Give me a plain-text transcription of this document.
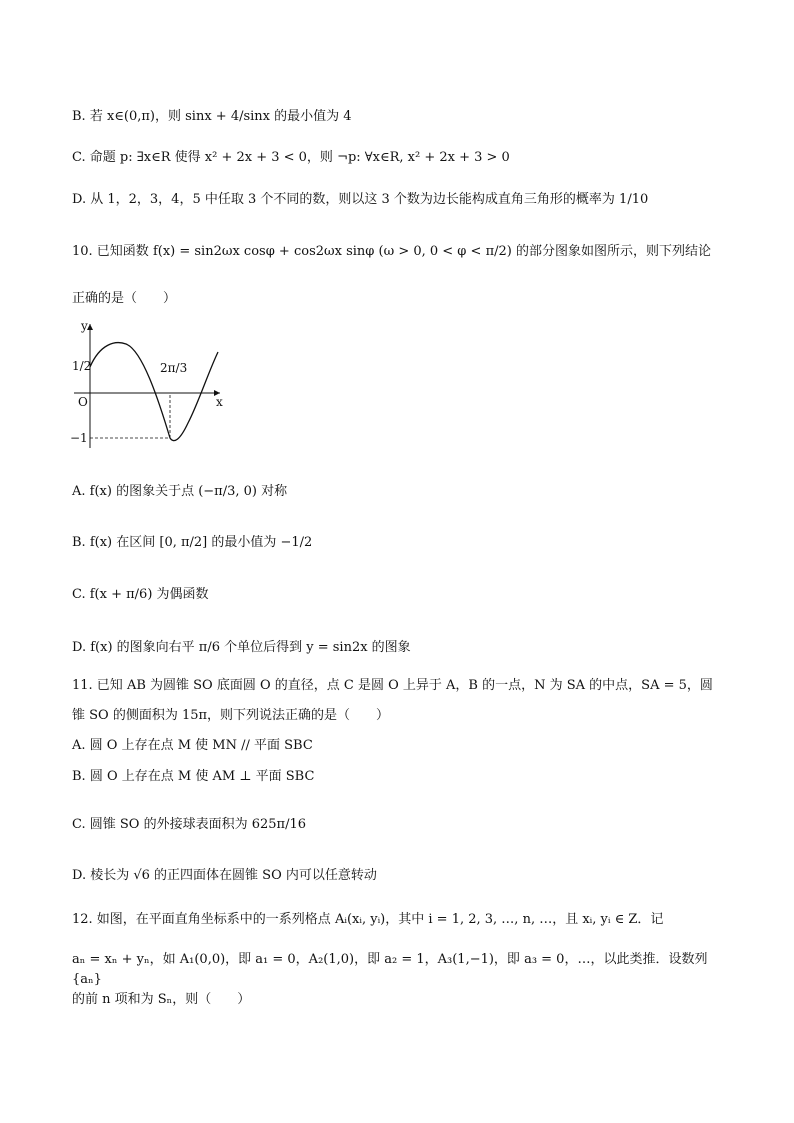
B. 若 x∈(0,π)，则 sinx + 4/sinx 的最小值为 4
C. 命题 p: ∃x∈R 使得 x² + 2x + 3 < 0，则 ¬p: ∀x∈R, x² + 2x + 3 > 0
D. 从 1，2，3，4，5 中任取 3 个不同的数，则以这 3 个数为边长能构成直角三角形的概率为 1/10
10. 已知函数 f(x) = sin2ωx cosφ + cos2ωx sinφ (ω > 0, 0 < φ < π/2) 的部分图象如图所示，则下列结论
正确的是（　　）
y
x
O
1/2
−1
2π/3
A. f(x) 的图象关于点 (−π/3, 0) 对称
B. f(x) 在区间 [0, π/2] 的最小值为 −1/2
C. f(x + π/6) 为偶函数
D. f(x) 的图象向右平 π/6 个单位后得到 y = sin2x 的图象
11. 已知 AB 为圆锥 SO 底面圆 O 的直径，点 C 是圆 O 上异于 A，B 的一点，N 为 SA 的中点，SA = 5，圆
锥 SO 的侧面积为 15π，则下列说法正确的是（　　）
A. 圆 O 上存在点 M 使 MN // 平面 SBC
B. 圆 O 上存在点 M 使 AM ⊥ 平面 SBC
C. 圆锥 SO 的外接球表面积为 625π/16
D. 棱长为 √6 的正四面体在圆锥 SO 内可以任意转动
12. 如图，在平面直角坐标系中的一系列格点 Aᵢ(xᵢ, yᵢ)，其中 i = 1, 2, 3, …, n, …，且 xᵢ, yᵢ ∈ Z．记
aₙ = xₙ + yₙ，如 A₁(0,0)，即 a₁ = 0，A₂(1,0)，即 a₂ = 1，A₃(1,−1)，即 a₃ = 0，…，以此类推．设数列{aₙ}
的前 n 项和为 Sₙ，则（　　）
